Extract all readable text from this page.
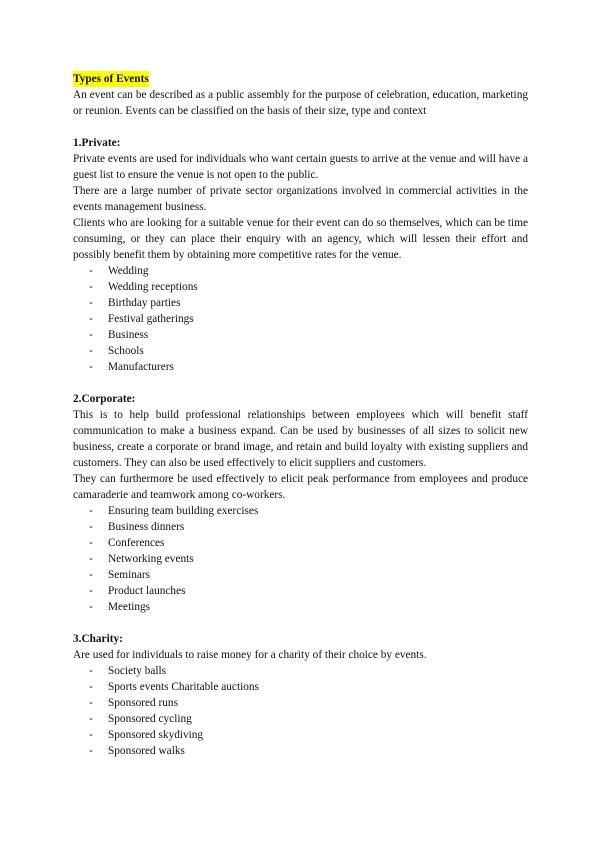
Types of Events

An event can be described as a public assembly for the purpose of celebration, education, marketing or reunion. Events can be classified on the basis of their size, type and context

1.Private:

Private events are used for individuals who want certain guests to arrive at the venue and will have a guest list to ensure the venue is not open to the public.

There are a large number of private sector organizations involved in commercial activities in the events management business.

Clients who are looking for a suitable venue for their event can do so themselves, which can be time consuming, or they can place their enquiry with an agency, which will lessen their effort and possibly benefit them by obtaining more competitive rates for the venue.

-	Wedding
-	Wedding receptions
-	Birthday parties
-	Festival gatherings
-	Business
-	Schools
-	Manufacturers
2.Corporate:

This is to help build professional relationships between employees which will benefit staff communication to make a business expand. Can be used by businesses of all sizes to solicit new business, create a corporate or brand image, and retain and build loyalty with existing suppliers and customers. They can also be used effectively to elicit suppliers and customers.

They can furthermore be used effectively to elicit peak performance from employees and produce camaraderie and teamwork among co-workers.

-	Ensuring team building exercises
-	Business dinners
-	Conferences
-	Networking events
-	Seminars
-	Product launches
-	Meetings
3.Charity:

Are used for individuals to raise money for a charity of their choice by events.

-	Society balls
-	Sports events Charitable auctions
-	Sponsored runs
-	Sponsored cycling
-	Sponsored skydiving
-	Sponsored walks
